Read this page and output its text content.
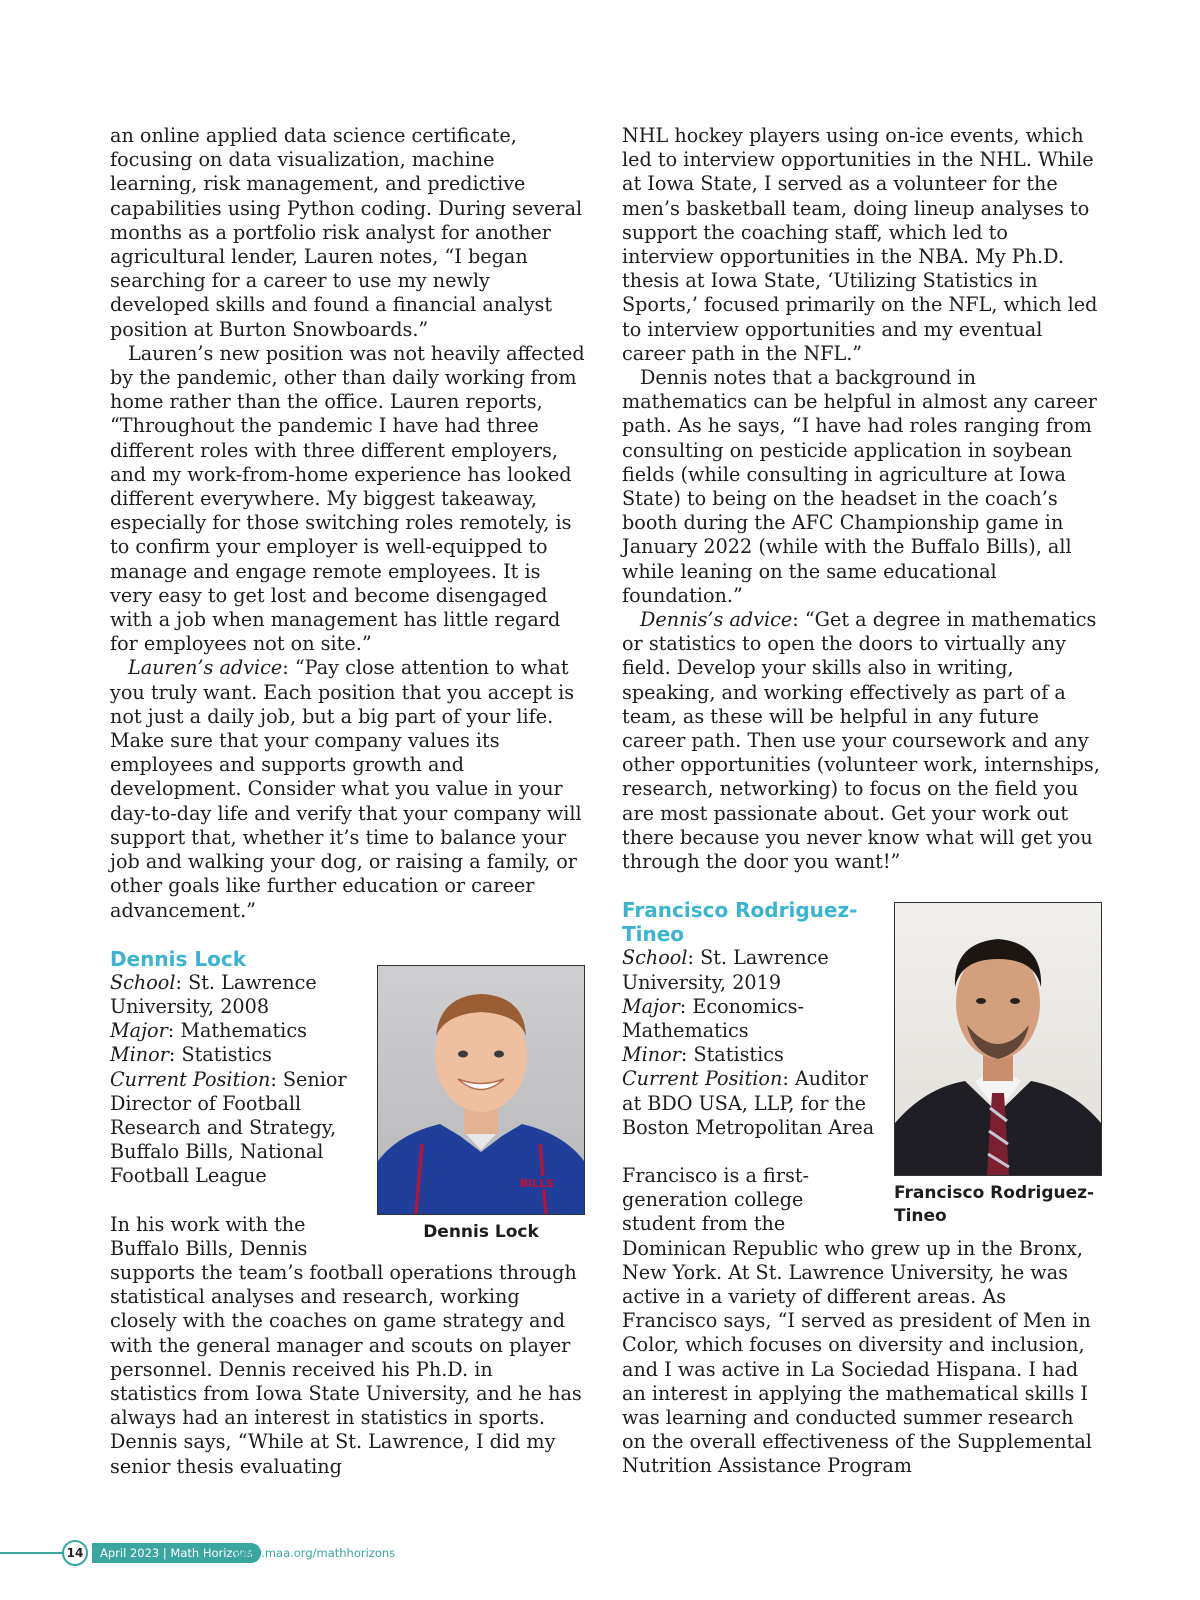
an online applied data science certificate, focusing on data visualization, machine learning, risk management, and predictive capabilities using Python coding. During several months as a portfolio risk analyst for another agricultural lender, Lauren notes, “I began searching for a career to use my newly developed skills and found a financial analyst position at Burton Snowboards.”

Lauren’s new position was not heavily affected by the pandemic, other than daily working from home rather than the office. Lauren reports, “Throughout the pandemic I have had three different roles with three different employers, and my work-from-home experience has looked different everywhere. My biggest takeaway, especially for those switching roles remotely, is to confirm your employer is well-equipped to manage and engage remote employees. It is very easy to get lost and become disengaged with a job when management has little regard for employees not on site.”

Lauren’s advice: “Pay close attention to what you truly want. Each position that you accept is not just a daily job, but a big part of your life. Make sure that your company values its employees and supports growth and development. Consider what you value in your day-to-day life and verify that your company will support that, whether it’s time to balance your job and walking your dog, or raising a family, or other goals like further education or career advancement.”

BILLS
Dennis Lock
Dennis Lock

School: St. Lawrence University, 2008

Major: Mathematics

Minor: Statistics

Current Position: Senior Director of Football Research and Strategy, Buffalo Bills, National Football League

In his work with the Buffalo Bills, Dennis supports the team’s football operations through statistical analyses and research, working closely with the coaches on game strategy and with the general manager and scouts on player personnel. Dennis received his Ph.D. in statistics from Iowa State University, and he has always had an interest in statistics in sports. Dennis says, “While at St. Lawrence, I did my senior thesis evaluating

NHL hockey players using on-ice events, which led to interview opportunities in the NHL. While at Iowa State, I served as a volunteer for the men’s basketball team, doing lineup analyses to support the coaching staff, which led to interview opportunities in the NBA. My Ph.D. thesis at Iowa State, ‘Utilizing Statistics in Sports,’ focused primarily on the NFL, which led to interview opportunities and my eventual career path in the NFL.”

Dennis notes that a background in mathematics can be helpful in almost any career path. As he says, “I have had roles ranging from consulting on pesticide application in soybean fields (while consulting in agriculture at Iowa State) to being on the headset in the coach’s booth during the AFC Championship game in January 2022 (while with the Buffalo Bills), all while leaning on the same educational foundation.”

Dennis’s advice: “Get a degree in mathematics or statistics to open the doors to virtually any field. Develop your skills also in writing, speaking, and working effectively as part of a team, as these will be helpful in any future career path. Then use your coursework and any other opportunities (volunteer work, internships, research, networking) to focus on the field you are most passionate about. Get your work out there because you never know what will get you through the door you want!”

Francisco Rodriguez-Tineo
Francisco Rodriguez-Tineo

School: St. Lawrence University, 2019

Major: Economics-Mathematics

Minor: Statistics

Current Position: Auditor at BDO USA, LLP, for the Boston Metropolitan Area

Francisco is a first-generation college student from the Dominican Republic who grew up in the Bronx, New York. At St. Lawrence University, he was active in a variety of different areas. As Francisco says, “I served as president of Men in Color, which focuses on diversity and inclusion, and I was active in La Sociedad Hispana. I had an interest in applying the mathematical skills I was learning and conducted summer research on the overall effectiveness of the Supplemental Nutrition Assistance Program

14	April 2023 | Math Horizons
www.maa.org/mathhorizons
